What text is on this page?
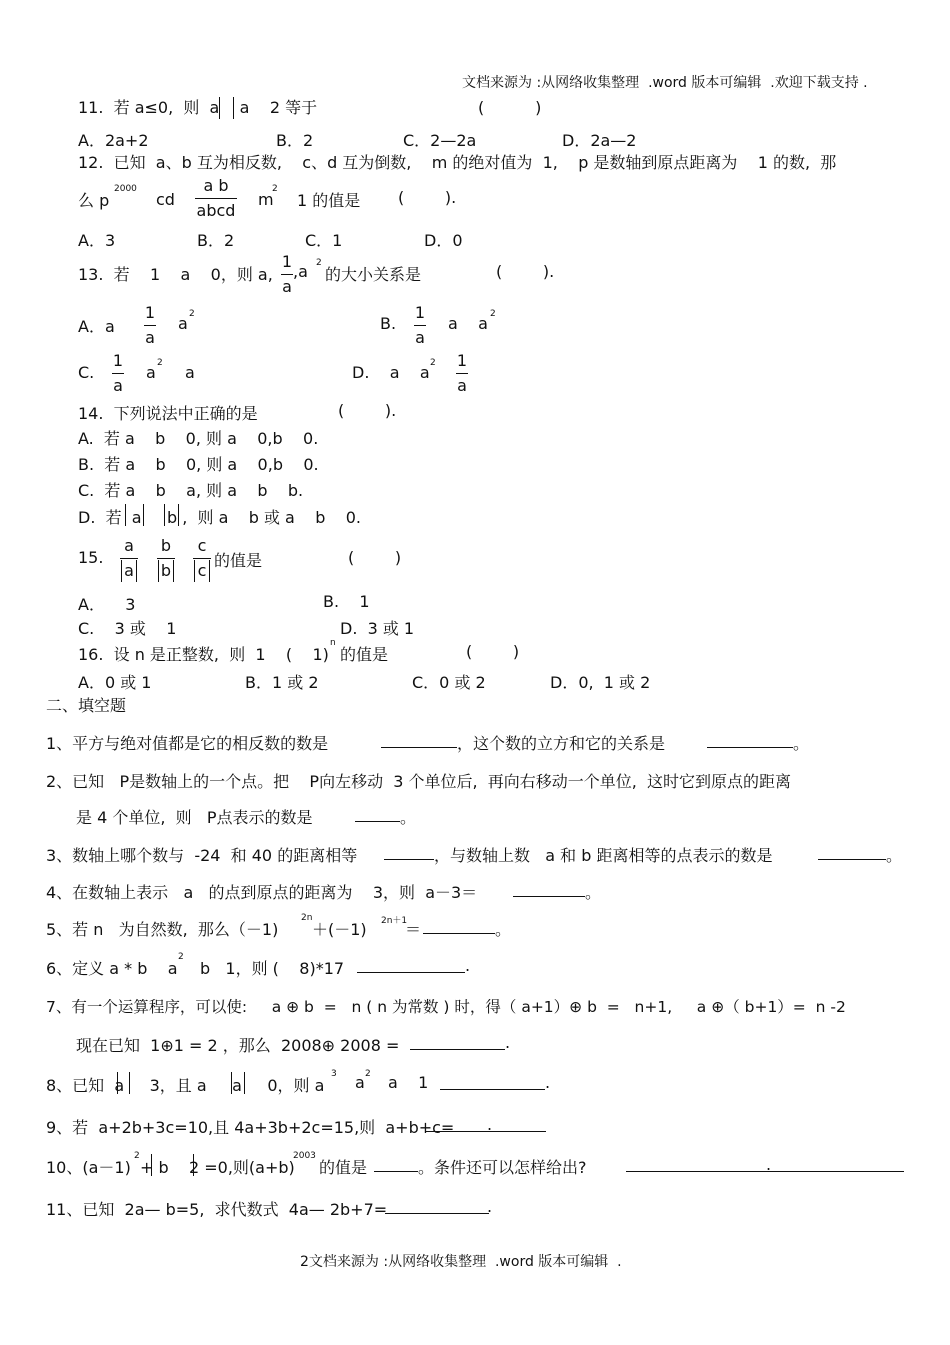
文档来源为 :从网络收集整理  .word 版本可编辑  .欢迎下载支持 .
11.  若 a≤0,  则  a    a    2 等于	(          )
A．2a+2	B．2	C．2—2a	D．2a—2
12.  已知  a、b 互为相反数,    c、d 互为倒数,    m 的绝对值为  1,    p 是数轴到原点距离为    1 的数,  那
么 p
2000
cd
a b
abcd
m
2
1 的值是 (        ).
A．3	B．2	C．1	D．0
13.  若    1    a    0，则 a,
1
a
,a 2
的大小关系是	(        ).
A．a
1
a
a 2	B.
1
a
a    a 2
C.
1
a
a 2 a	D.    a    a 2 1
a
14.  下列说法中正确的是	(        ).
A.  若 a    b    0, 则 a    0,b    0.
B.  若 a    b    0, 则 a    0,b    0.
C.  若 a    b    a, 则 a    b    b.
D.  若  a     b ,  则 a    b 或 a    b    0.
15.
a
a
b
b
c
c
的值是	(        )
A．    3	B.    1
C.    3 或    1	D.  3 或 1
16.  设 n 是正整数,  则  1    (    1)
n
的值是	(        )
A．0 或 1	B．1 或 2	C．0 或 2	D．0,  1 或 2
二、填空题
1、平方与绝对值都是它的相反数的数是	，这个数的立方和它的关系是	。
2、已知   P是数轴上的一个点。把    P向左移动  3 个单位后,  再向右移动一个单位,  这时它到原点的距离
是 4 个单位,  则   P点表示的数是	。
3、数轴上哪个数与  -24  和 40 的距离相等	，与数轴上数   a 和 b 距离相等的点表示的数是	。
4、在数轴上表示   a   的点到原点的距离为    3，则  a－3＝	。
5、若 n   为自然数,  那么（－1)
2n
＋(－1) 2n＋1
＝	。
6、定义 a * b    a
2
b   1，则 (    8)*17	.
7、有一个运算程序，可以使:     a ⊕ b  =   n ( n 为常数 ) 时，得（ a+1）⊕ b  =   n+1,     a ⊕（ b+1）=  n -2
现在已知  1⊕1 = 2 ，那么  2008⊕ 2008 =	.
8、已知  a     3，且 a     a     0，则 a
3 a 2 a    1	.
9、若  a+2b+3c=10,且 4a+3b+2c=15,则  a+b+c= .
10、(a－1)
2
+ b    2 =0,则(a+b)
2003
的值是	。条件还可以怎样给出?	.
11、已知  2a— b=5,  求代数式  4a— 2b+7=	.
2文档来源为 :从网络收集整理  .word 版本可编辑  .
